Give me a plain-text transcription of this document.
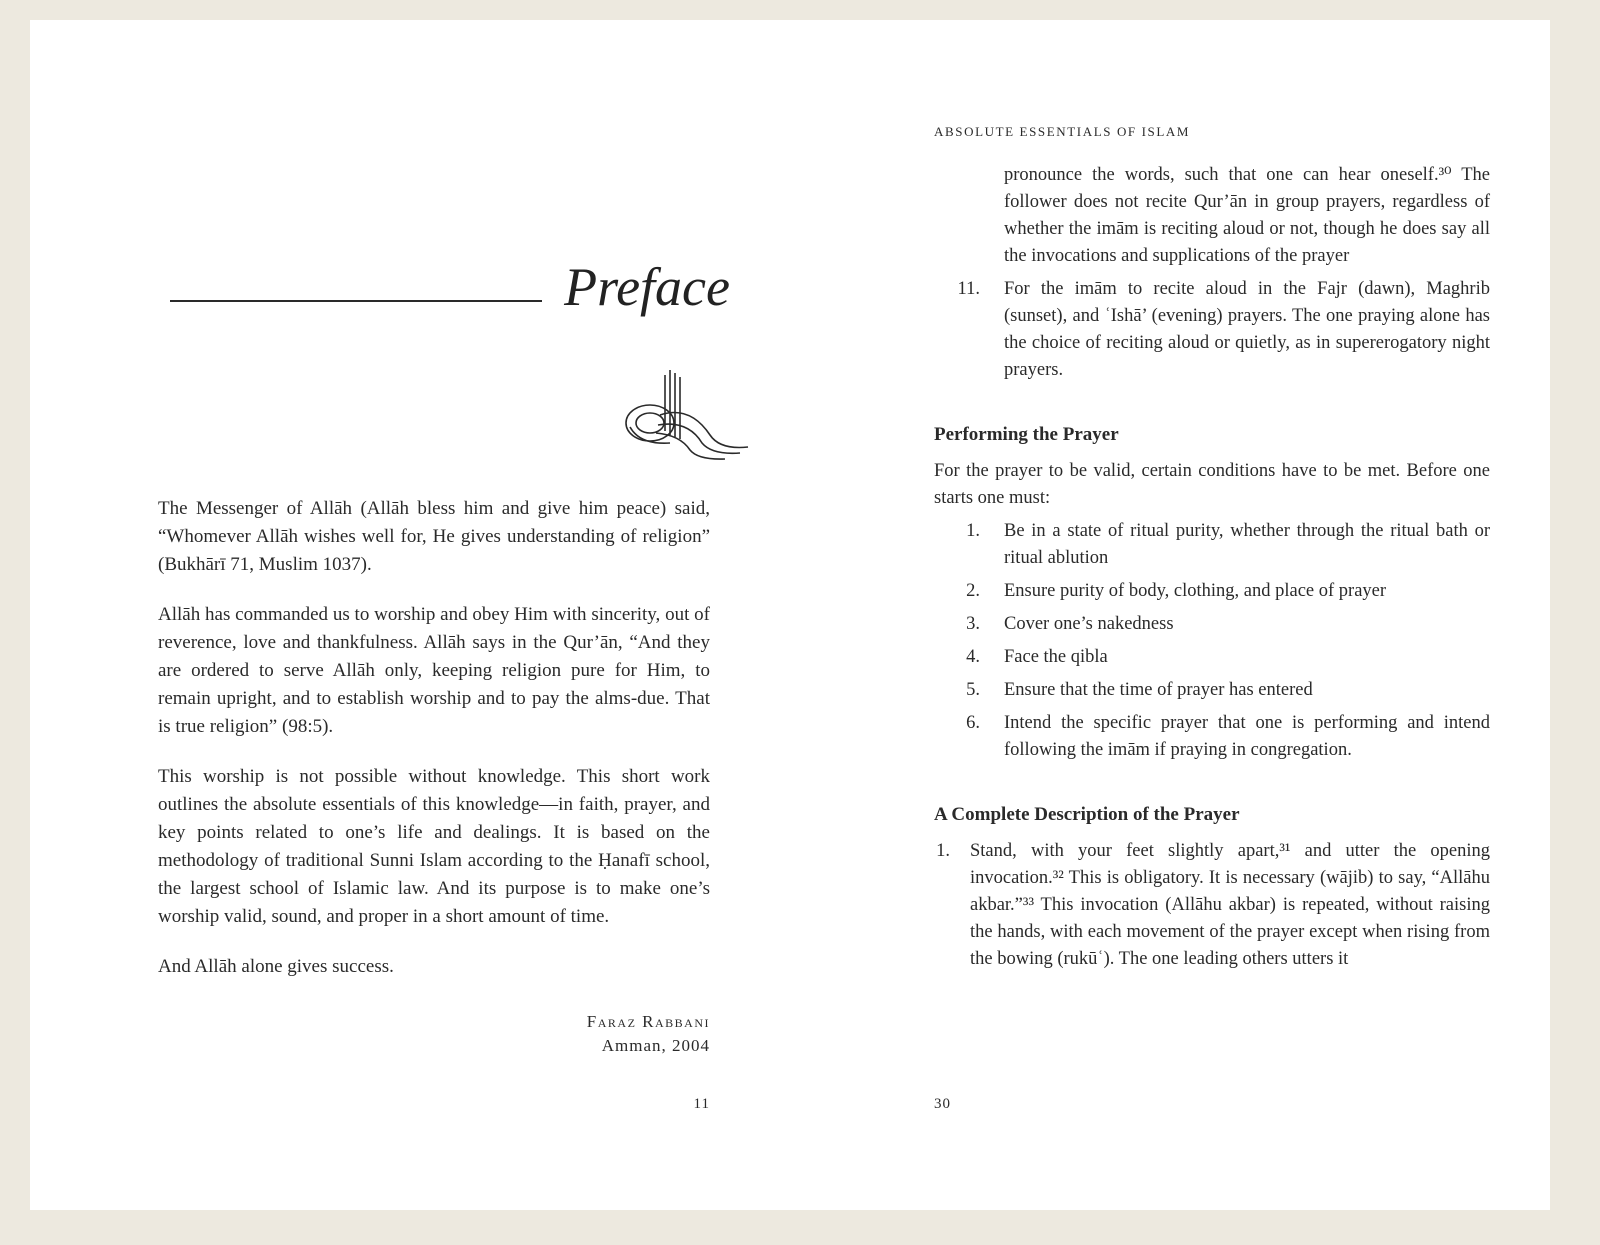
Preface

The Messenger of Allāh (Allāh bless him and give him peace) said, “Whomever Allāh wishes well for, He gives understanding of religion” (Bukhārī 71, Muslim 1037).

Allāh has commanded us to worship and obey Him with sincerity, out of reverence, love and thankfulness. Allāh says in the Qur’ān, “And they are ordered to serve Allāh only, keeping religion pure for Him, to remain upright, and to establish worship and to pay the alms-due. That is true religion” (98:5).

This worship is not possible without knowledge. This short work outlines the absolute essentials of this knowledge—in faith, prayer, and key points related to one’s life and dealings. It is based on the methodology of traditional Sunni Islam according to the Ḥanafī school, the largest school of Islamic law. And its purpose is to make one’s worship valid, sound, and proper in a short amount of time.

And Allāh alone gives success.

Faraz Rabbani
Amman, 2004
11
ABSOLUTE ESSENTIALS OF ISLAM
pronounce the words, such that one can hear oneself.³⁰ The follower does not recite Qur’ān in group prayers, regardless of whether the imām is reciting aloud or not, though he does say all the invocations and supplications of the prayer
11. For the imām to recite aloud in the Fajr (dawn), Maghrib (sunset), and ʿIshā’ (evening) prayers. The one praying alone has the choice of reciting aloud or quietly, as in supererogatory night prayers.
Performing the Prayer

For the prayer to be valid, certain conditions have to be met. Before one starts one must:

1. Be in a state of ritual purity, whether through the ritual bath or ritual ablution
2. Ensure purity of body, clothing, and place of prayer
3. Cover one’s nakedness
4. Face the qibla
5. Ensure that the time of prayer has entered
6. Intend the specific prayer that one is performing and intend following the imām if praying in congregation.
A Complete Description of the Prayer
1. Stand, with your feet slightly apart,³¹ and utter the opening invocation.³² This is obligatory. It is necessary (wājib) to say, “Allāhu akbar.”³³ This invocation (Allāhu akbar) is repeated, without raising the hands, with each movement of the prayer except when rising from the bowing (rukūʿ). The one leading others utters it
30
